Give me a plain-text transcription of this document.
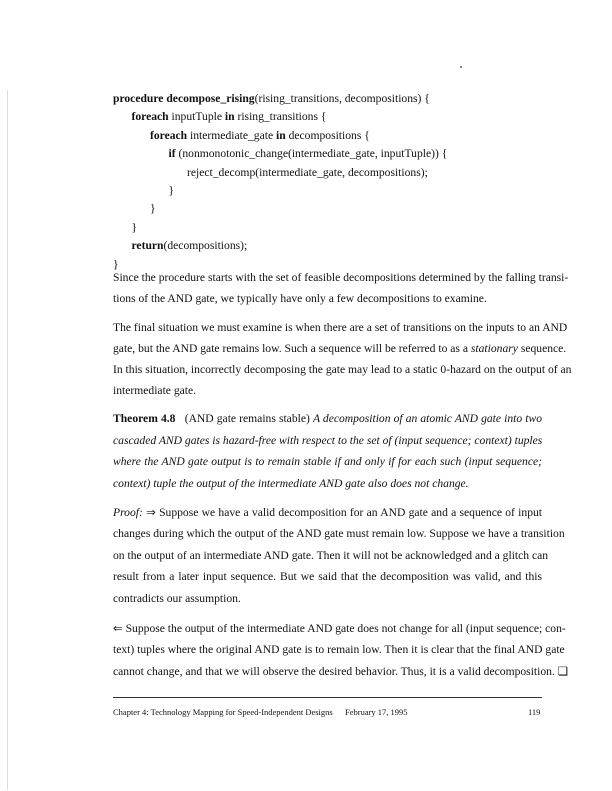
procedure decompose_rising(rising_transitions, decompositions) {
foreach inputTuple in rising_transitions {
foreach intermediate_gate in decompositions {
if (nonmonotonic_change(intermediate_gate, inputTuple)) {
reject_decomp(intermediate_gate, decompositions);
}
}
}
return(decompositions);
}
Since the procedure starts with the set of feasible decompositions determined by the falling transi-
tions of the AND gate, we typically have only a few decompositions to examine.
The final situation we must examine is when there are a set of transitions on the inputs to an AND
gate, but the AND gate remains low. Such a sequence will be referred to as a stationary sequence.
In this situation, incorrectly decomposing the gate may lead to a static 0-hazard on the output of an
intermediate gate.
Theorem 4.8 (AND gate remains stable) A decomposition of an atomic AND gate into two
cascaded AND gates is hazard-free with respect to the set of (input sequence; context) tuples
where the AND gate output is to remain stable if and only if for each such (input sequence;
context) tuple the output of the intermediate AND gate also does not change.
Proof: ⇒ Suppose we have a valid decomposition for an AND gate and a sequence of input
changes during which the output of the AND gate must remain low. Suppose we have a transition
on the output of an intermediate AND gate. Then it will not be acknowledged and a glitch can
result from a later input sequence. But we said that the decomposition was valid, and this
contradicts our assumption.
⇐ Suppose the output of the intermediate AND gate does not change for all (input sequence; con-
text) tuples where the original AND gate is to remain low. Then it is clear that the final AND gate
cannot change, and that we will observe the desired behavior. Thus, it is a valid decomposition. ❑
Chapter 4: Technology Mapping for Speed-Independent Designs February 17, 1995	119
